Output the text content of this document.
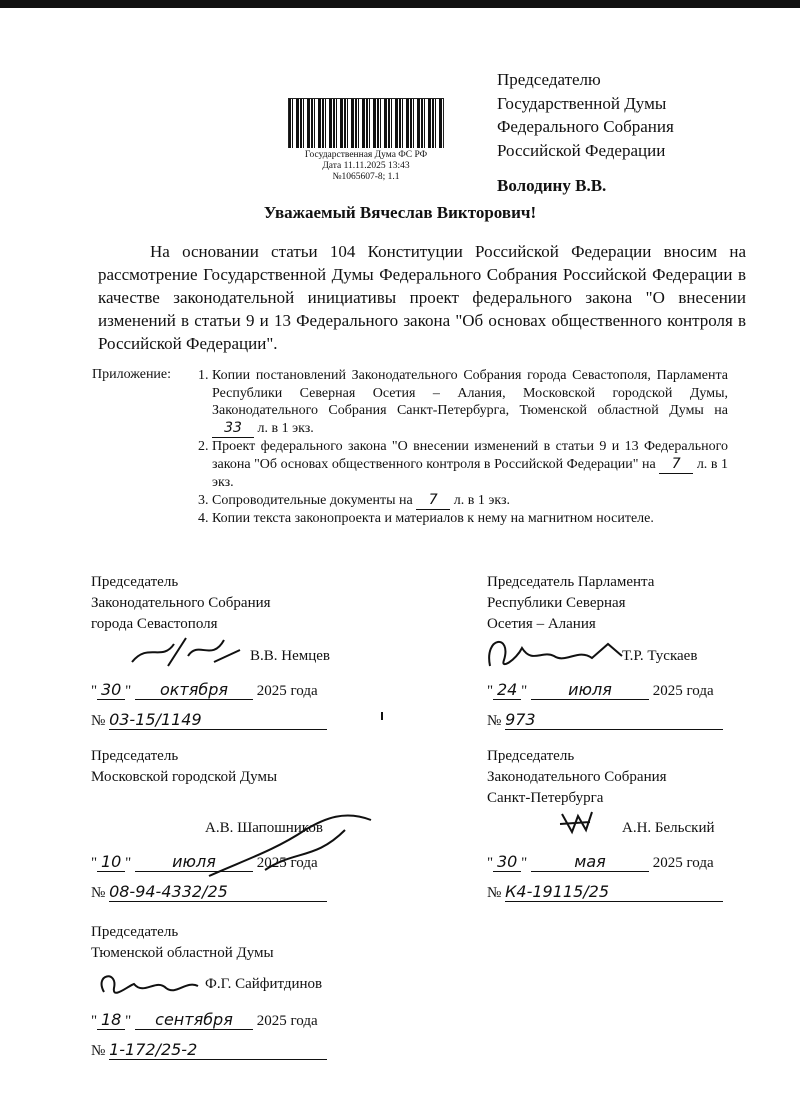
Председателю
Государственной Думы
Федерального Собрания
Российской Федерации
Володину В.В.
Государственная Дума ФС РФ
Дата 11.11.2025 13:43
№1065607-8; 1.1
Уважаемый Вячеслав Викторович!

На основании статьи 104 Конституции Российской Федерации вносим на рассмотрение Государственной Думы Федерального Собрания Российской Федерации в качестве законодательной инициативы проект федерального закона "О внесении изменений в статьи 9 и 13 Федерального закона "Об основах общественного контроля в Российской Федерации".

Приложение: 1. Копии постановлений Законодательного Собрания города Севастополя, Парламента Республики Северная Осетия – Алания, Московской городской Думы, Законодательного Собрания Санкт-Петербурга, Тюменской областной Думы на 33 л. в 1 экз.
2. Проект федерального закона "О внесении изменений в статьи 9 и 13 Федерального закона "Об основах общественного контроля в Российской Федерации" на 7 л. в 1 экз.
3. Сопроводительные документы на 7 л. в 1 экз.
4. Копии текста законопроекта и материалов к нему на магнитном носителе.
Председатель
Законодательного Собрания
города Севастополя
В.В. Немцев
" 30 " октября 2025 года
№ 03-15/1149
Председатель Парламента
Республики Северная
Осетия – Алания
Т.Р. Тускаев
" 24 " июля	2025 года
№ 973
Председатель
Московской городской Думы
А.В. Шапошников
" 10 " июля	2025 года
№ 08-94-4332/25
Председатель
Законодательного Собрания
Санкт-Петербурга
А.Н. Бельский
" 30 "	мая	2025 года
№ К4-19115/25
Председатель
Тюменской областной Думы
Ф.Г. Сайфитдинов
" 18 " сентября 2025 года
№ 1-172/25-2
